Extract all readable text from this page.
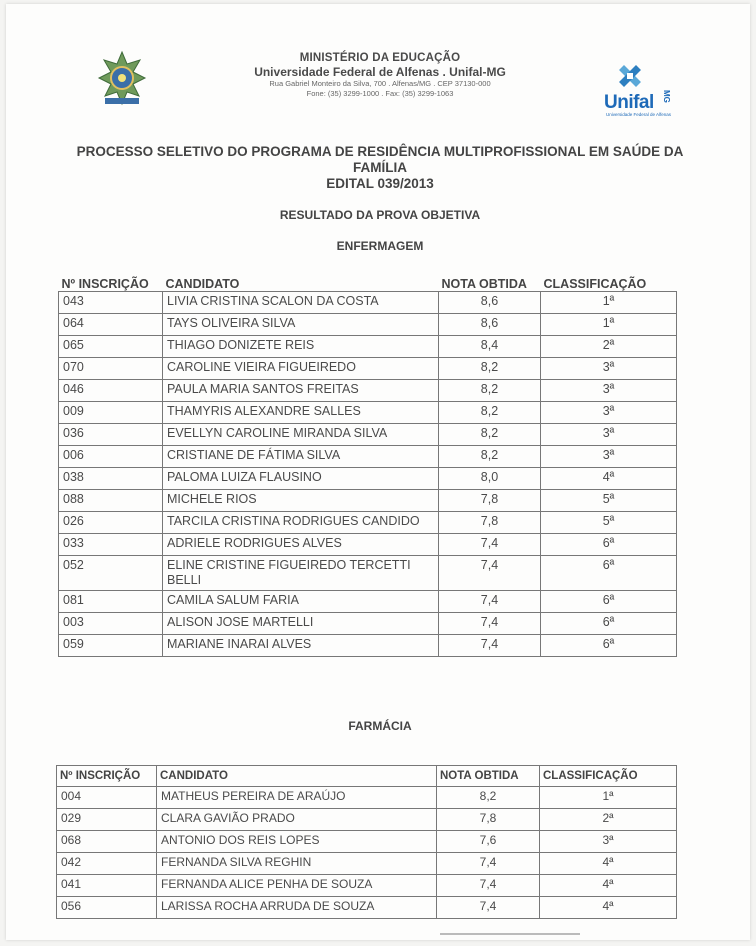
MINISTÉRIO DA EDUCAÇÃO
Universidade Federal de Alfenas . Unifal-MG
Rua Gabriel Monteiro da Silva, 700 . Alfenas/MG . CEP 37130-000
Fone: (35) 3299-1000 . Fax: (35) 3299-1063	Unifal MG
Universidade Federal de Alfenas
PROCESSO SELETIVO DO PROGRAMA DE RESIDÊNCIA MULTIPROFISSIONAL EM SAÚDE DA
FAMÍLIA
EDITAL 039/2013
RESULTADO DA PROVA OBJETIVA
ENFERMAGEM
Nº INSCRIÇÃO	CANDIDATO	NOTA OBTIDA	CLASSIFICAÇÃO
043	LIVIA CRISTINA SCALON DA COSTA	8,6	1ª
064	TAYS OLIVEIRA SILVA	8,6	1ª
065	THIAGO DONIZETE REIS	8,4	2ª
070	CAROLINE VIEIRA FIGUEIREDO	8,2	3ª
046	PAULA MARIA SANTOS FREITAS	8,2	3ª
009	THAMYRIS ALEXANDRE SALLES	8,2	3ª
036	EVELLYN CAROLINE MIRANDA SILVA	8,2	3ª
006	CRISTIANE DE FÁTIMA SILVA	8,2	3ª
038	PALOMA LUIZA FLAUSINO	8,0	4ª
088	MICHELE RIOS	7,8	5ª
026	TARCILA CRISTINA RODRIGUES CANDIDO	7,8	5ª
033	ADRIELE RODRIGUES ALVES	7,4	6ª
052	ELINE CRISTINE FIGUEIREDO TERCETTI BELLI	7,4	6ª
081	CAMILA SALUM FARIA	7,4	6ª
003	ALISON JOSE MARTELLI	7,4	6ª
059	MARIANE INARAI ALVES	7,4	6ª
FARMÁCIA
Nº INSCRIÇÃO	CANDIDATO	NOTA OBTIDA	CLASSIFICAÇÃO
004	MATHEUS PEREIRA DE ARAÚJO	8,2	1ª
029	CLARA GAVIÃO PRADO	7,8	2ª
068	ANTONIO DOS REIS LOPES	7,6	3ª
042	FERNANDA SILVA REGHIN	7,4	4ª
041	FERNANDA ALICE PENHA DE SOUZA	7,4	4ª
056	LARISSA ROCHA ARRUDA DE SOUZA	7,4	4ª
